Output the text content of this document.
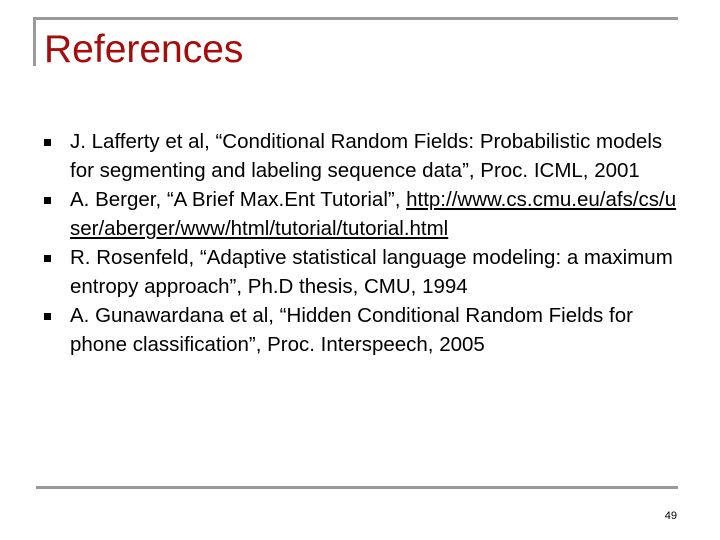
References
J. Lafferty et al, “Conditional Random Fields: Probabilistic models for segmenting and labeling sequence data”, Proc. ICML, 2001
A. Berger, “A Brief Max.Ent Tutorial”, http://www.cs.cmu.eu/afs/cs/user/aberger/www/html/tutorial/tutorial.html
R. Rosenfeld, “Adaptive statistical language modeling: a maximum entropy approach”, Ph.D thesis, CMU, 1994
A. Gunawardana et al, “Hidden Conditional Random Fields for phone classification”, Proc. Interspeech, 2005
49
